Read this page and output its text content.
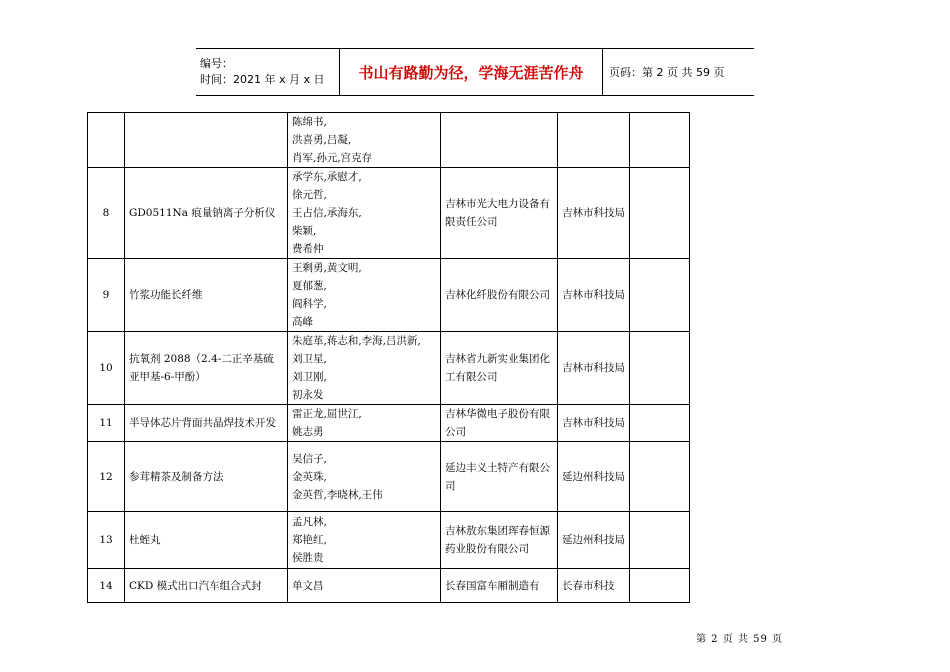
编号：
时间：2021 年 x 月 x 日	书山有路勤为径，学海无涯苦作舟	页码：第 2 页 共 59 页

		陈绵书,
洪喜勇,吕凝,
肖军,孙元,宫克存			

8	GD0511Na 痕量钠离子分析仪	承学东,承慰才,
徐元哲,
王占信,承海东,
柴颖,
费希仲	吉林市光大电力设备有限责任公司	吉林市科技局	
9	竹浆功能长纤维	王剩勇,黄文明,
夏郁葱,
阎科学,
高峰	吉林化纤股份有限公司	吉林市科技局	
10	抗氧剂 2088（2.4-二正辛基硫亚甲基-6-甲酚）	朱庭革,蒋志和,李海,吕洪新,
刘卫星,
刘卫刚,
初永发	吉林省九新实业集团化工有限公司	吉林市科技局	
11	半导体芯片背面共晶焊技术开发	雷正龙,屈世江,
姚志勇	吉林华微电子股份有限公司	吉林市科技局	
12	参茸精茶及制备方法	吴信子,
金英珠,
金英哲,李晓林,王伟	延边丰义土特产有限公司	延边州科技局	
13	杜蛭丸	孟凡林,
郑艳红,
侯胜贵	吉林敖东集团珲春恒源药业股份有限公司	延边州科技局	
14	CKD 模式出口汽车组合式封	单文昌	长春国富车厢制造有	长春市科技	
第 2 页 共 59 页
